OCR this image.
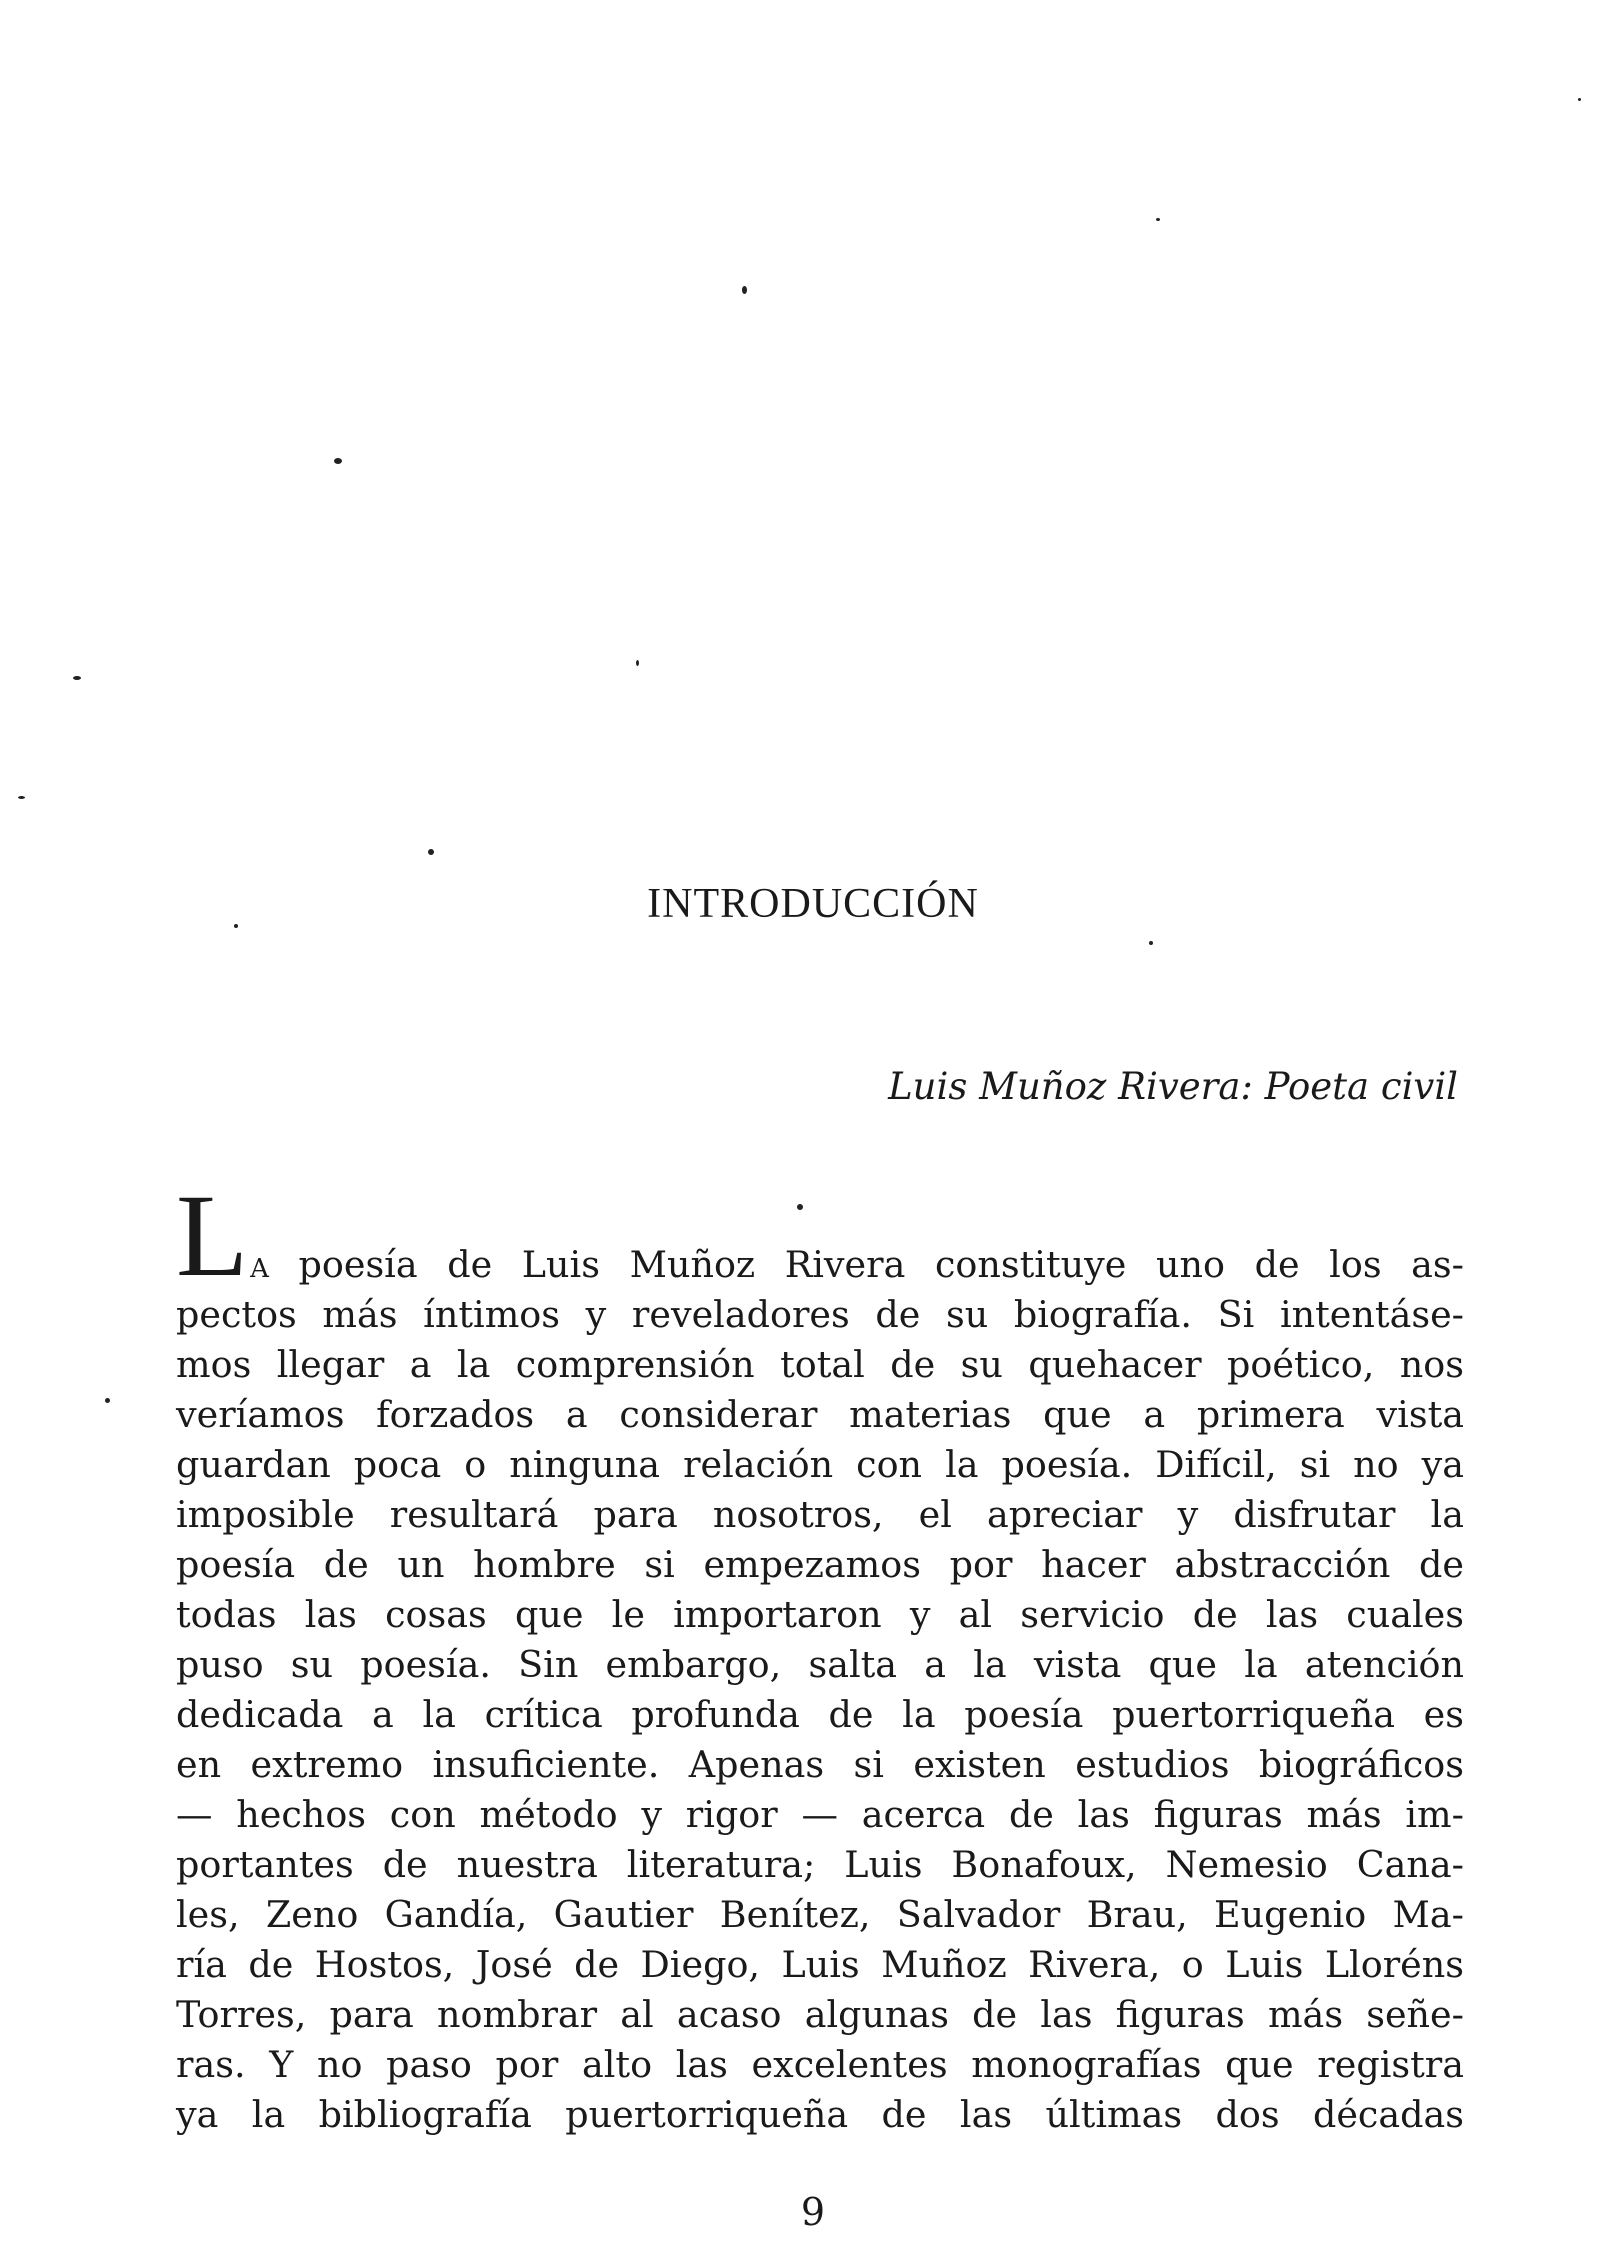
INTRODUCCIÓN

Luis Muñoz Rivera: Poeta civil

L a poesía de Luis Muñoz Rivera constituye uno de los as-
pectos más íntimos y reveladores de su biografía. Si intentáse-
mos llegar a la comprensión total de su quehacer poético, nos
veríamos forzados a considerar materias que a primera vista
guardan poca o ninguna relación con la poesía. Difícil, si no ya
imposible resultará para nosotros, el apreciar y disfrutar la
poesía de un hombre si empezamos por hacer abstracción de
todas las cosas que le importaron y al servicio de las cuales
puso su poesía. Sin embargo, salta a la vista que la atención
dedicada a la crítica profunda de la poesía puertorriqueña es
en extremo insuficiente. Apenas si existen estudios biográficos
— hechos con método y rigor — acerca de las figuras más im-
portantes de nuestra literatura; Luis Bonafoux, Nemesio Cana-
les, Zeno Gandía, Gautier Benítez, Salvador Brau, Eugenio Ma-
ría de Hostos, José de Diego, Luis Muñoz Rivera, o Luis Lloréns
Torres, para nombrar al acaso algunas de las figuras más señe-
ras. Y no paso por alto las excelentes monografías que registra
ya la bibliografía puertorriqueña de las últimas dos décadas

9
